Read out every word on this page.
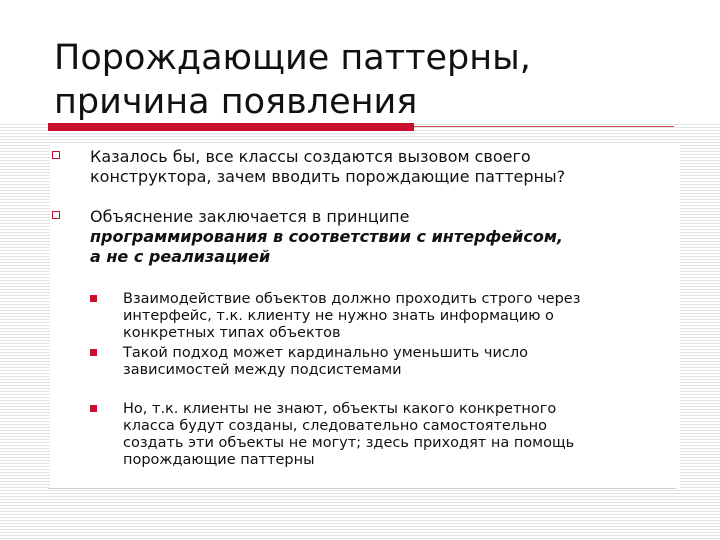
Порождающие паттерны,
причина появления
Казалось бы, все классы создаются вызовом своего
конструктора, зачем вводить порождающие паттерны?
Объяснение заключается в принципе
программирования в соответствии с интерфейсом,
а не с реализацией
Взаимодействие объектов должно проходить строго через
интерфейс, т.к. клиенту не нужно знать информацию о
конкретных типах объектов
Такой подход может кардинально уменьшить число
зависимостей между подсистемами
Но, т.к. клиенты не знают, объекты какого конкретного
класса будут созданы, следовательно самостоятельно
создать эти объекты не могут; здесь приходят на помощь
порождающие паттерны
